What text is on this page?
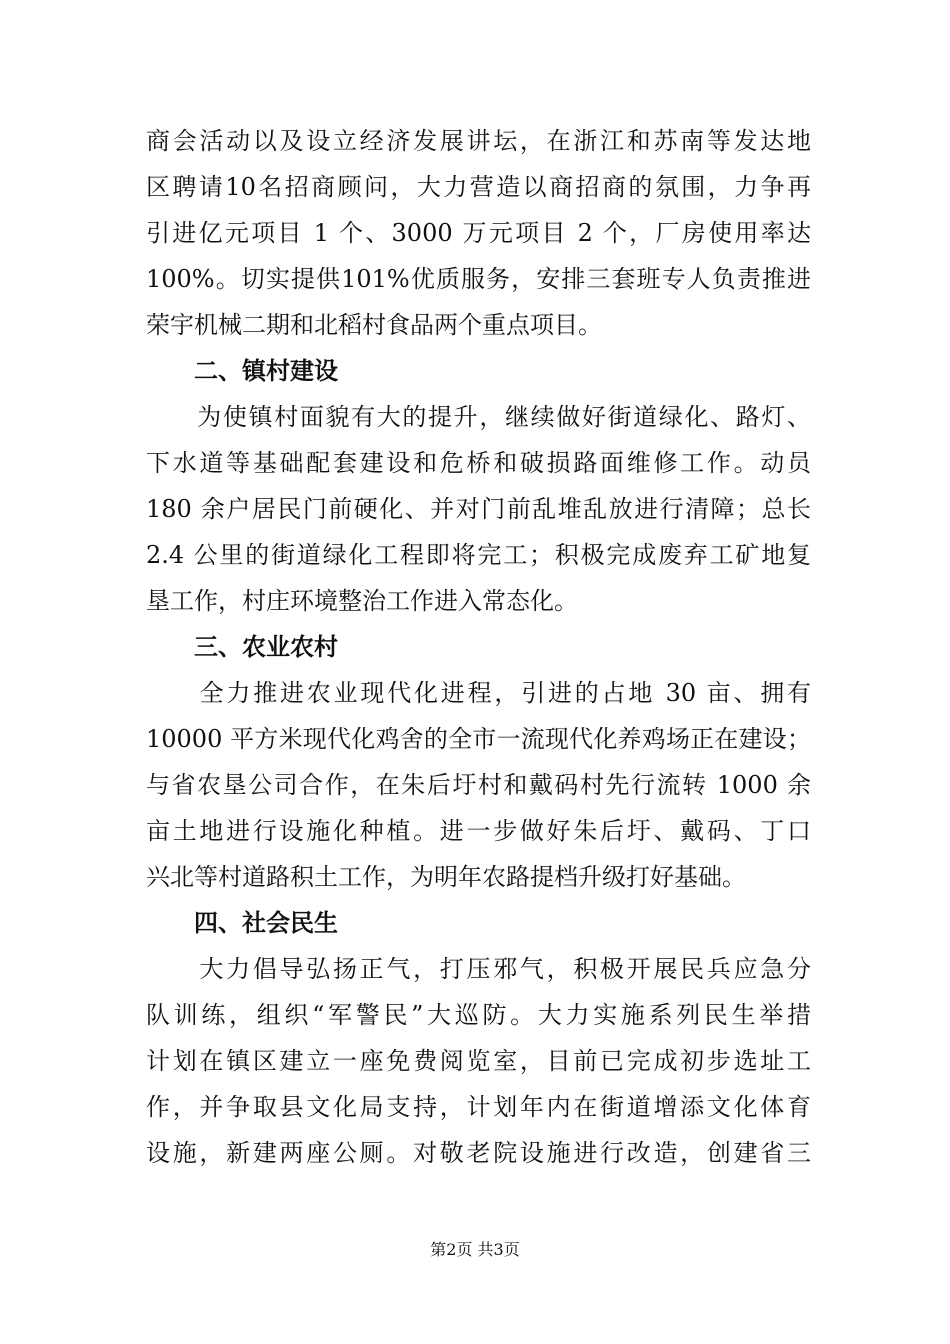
商会活动以及设立经济发展讲坛，在浙江和苏南等发达地
区聘请10名招商顾问，大力营造以商招商的氛围，力争再
引进亿元项目 1 个、3000 万元项目 2 个，厂房使用率达
100%。切实提供101%优质服务，安排三套班专人负责推进
荣宇机械二期和北稻村食品两个重点项目。
二、镇村建设
　　为使镇村面貌有大的提升，继续做好街道绿化、路灯、
下水道等基础配套建设和危桥和破损路面维修工作。动员
180 余户居民门前硬化、并对门前乱堆乱放进行清障；总长
2.4 公里的街道绿化工程即将完工；积极完成废弃工矿地复
垦工作，村庄环境整治工作进入常态化。
三、农业农村
　　全力推进农业现代化进程，引进的占地 30 亩、拥有
10000 平方米现代化鸡舍的全市一流现代化养鸡场正在建设；
与省农垦公司合作，在朱后圩村和戴码村先行流转 1000 余
亩土地进行设施化种植。进一步做好朱后圩、戴码、丁口
兴北等村道路积土工作，为明年农路提档升级打好基础。
四、社会民生
　　大力倡导弘扬正气，打压邪气，积极开展民兵应急分
队训练，组织“军警民”大巡防。大力实施系列民生举措
计划在镇区建立一座免费阅览室，目前已完成初步选址工
作，并争取县文化局支持，计划年内在街道增添文化体育
设施，新建两座公厕。对敬老院设施进行改造，创建省三
第2页 共3页
